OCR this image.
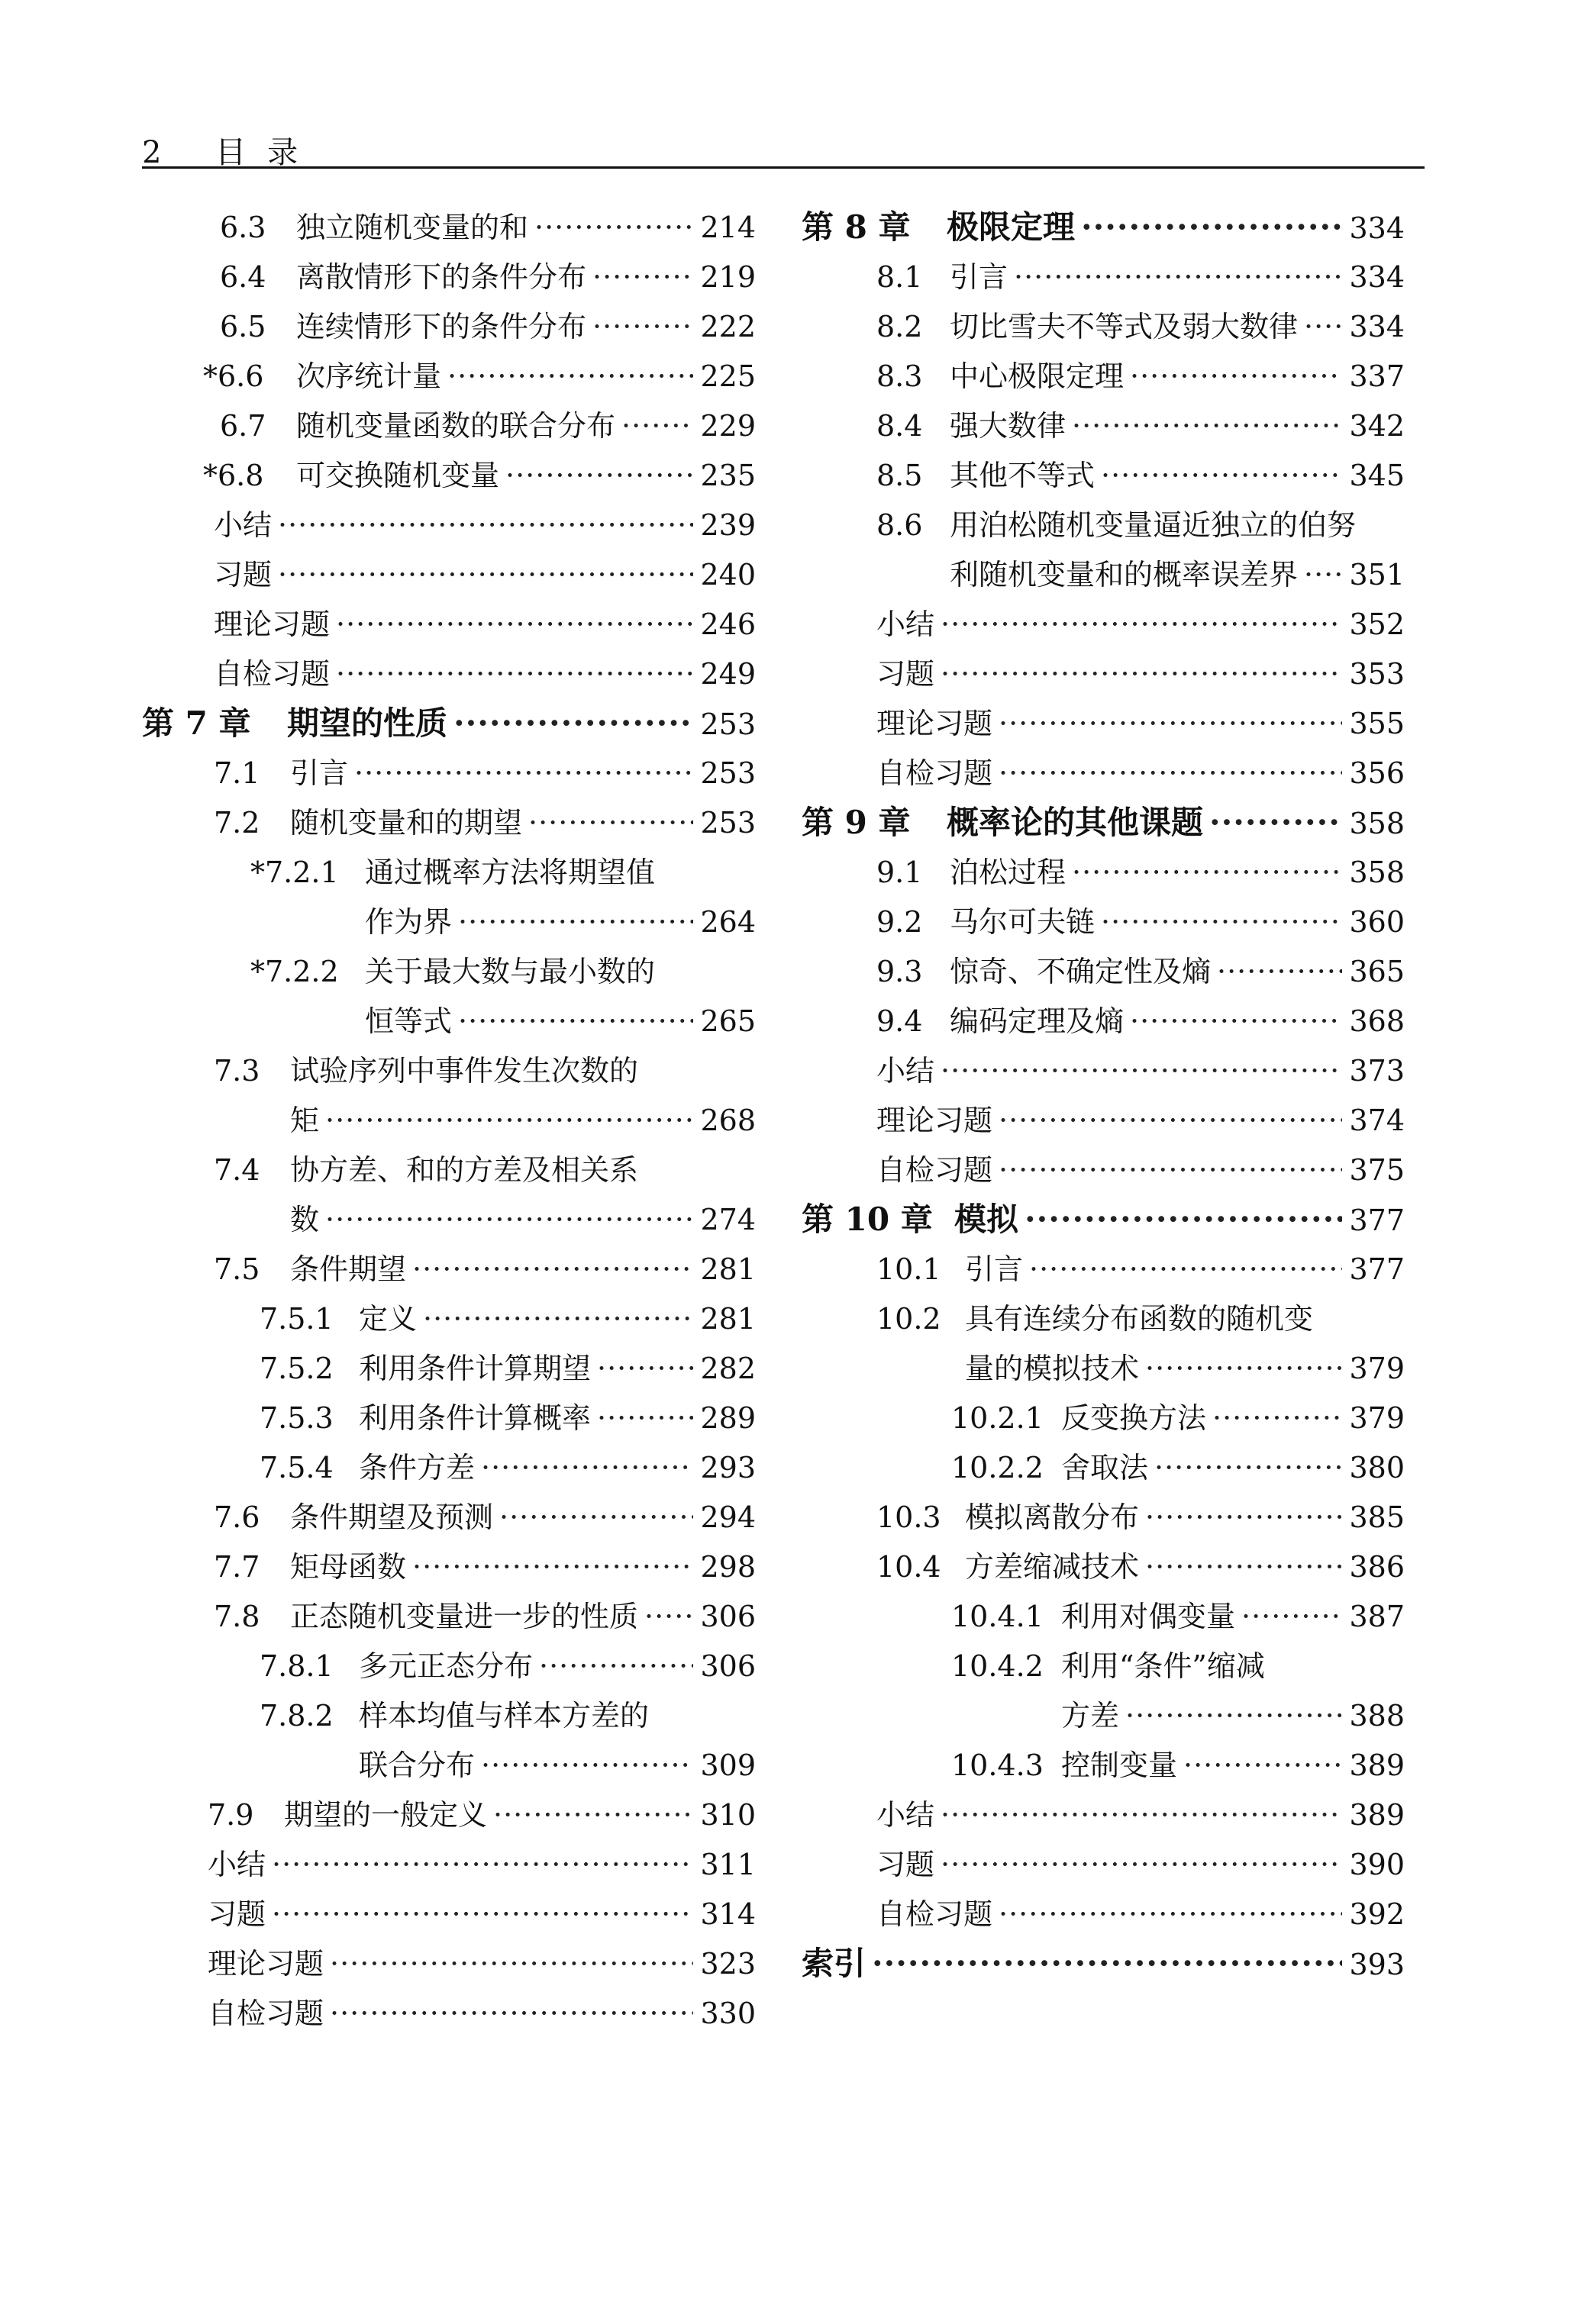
2 目录
6.3	独立随机变量的和 ·····	214
6.4	离散情形下的条件分布 ·····	219
6.5	连续情形下的条件分布 ·····	222
*6.6	次序统计量 ·····	225
6.7	随机变量函数的联合分布 ·····	229
*6.8	可交换随机变量 ·····	235
小结 ·····	239
习题 ·····	240
理论习题 ·····	246
自检习题 ·····	249
第 7 章	期望的性质 ·····	253
7.1	引言 ·····	253
7.2	随机变量和的期望 ·····	253
*7.2.1 通过概率方法将期望值
作为界 ·····	264
*7.2.2 关于最大数与最小数的
恒等式 ·····	265
7.3	试验序列中事件发生次数的
矩 ·····	268
7.4	协方差、和的方差及相关系
数 ·····	274
7.5	条件期望 ·····	281
7.5.1 定义 ·····	281
7.5.2 利用条件计算期望 ·····	282
7.5.3 利用条件计算概率 ·····	289
7.5.4 条件方差 ·····	293
7.6	条件期望及预测 ·····	294
7.7	矩母函数 ·····	298
7.8	正态随机变量进一步的性质 ····· 306
7.8.1 多元正态分布 ·····	306
7.8.2 样本均值与样本方差的
联合分布 ·····	309
7.9	期望的一般定义 ·····	310
小结 ·····	311
习题 ·····	314
理论习题 ·····	323
自检习题 ·····	330
第 8 章	极限定理 ·····	334
8.1 引言 ·····	334
8.2 切比雪夫不等式及弱大数律 ····· 334
8.3 中心极限定理 ·····	337
8.4 强大数律 ·····	342
8.5 其他不等式 ·····	345
8.6 用泊松随机变量逼近独立的伯努
利随机变量和的概率误差界 ····· 351
小结 ·····	352
习题 ·····	353
理论习题 ·····	355
自检习题 ·····	356
第 9 章	概率论的其他课题 ·····	358
9.1 泊松过程 ·····	358
9.2 马尔可夫链 ·····	360
9.3 惊奇、不确定性及熵 ·····	365
9.4 编码定理及熵 ·····	368
小结 ·····	373
理论习题 ·····	374
自检习题 ·····	375
第 10 章 模拟 ·····	377
10.1 引言 ·····	377
10.2 具有连续分布函数的随机变
量的模拟技术 ·····	379
10.2.1 反变换方法 ·····	379
10.2.2 舍取法 ·····	380
10.3 模拟离散分布 ·····	385
10.4 方差缩减技术 ·····	386
10.4.1 利用对偶变量 ·····	387
10.4.2 利用“条件”缩减
方差 ·····	388
10.4.3 控制变量 ·····	389
小结 ·····	389
习题 ·····	390
自检习题 ·····	392
索引 ·····	393
